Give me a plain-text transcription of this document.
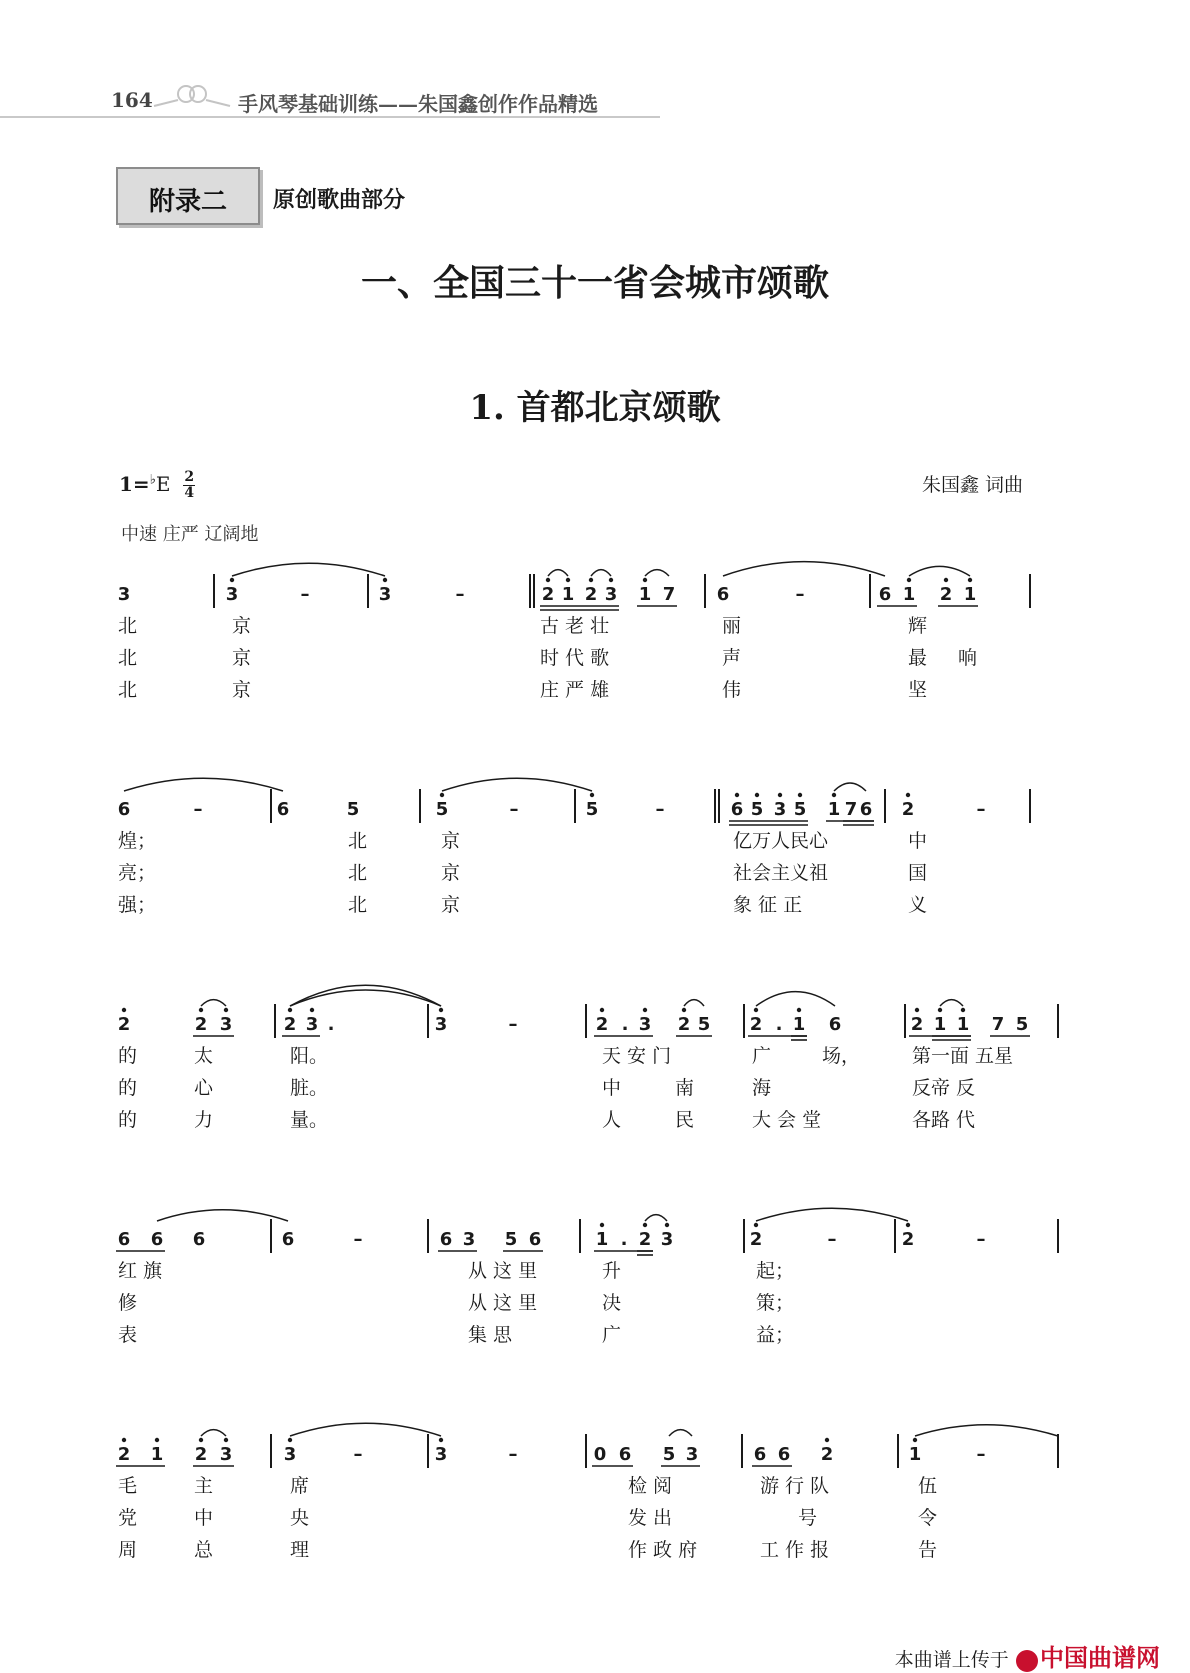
164	手风琴基础训练——朱国鑫创作作品精选
附录二	原创歌曲部分
一、全国三十一省会城市颂歌
1. 首都北京颂歌
$1=^♭E \frac{2}{4}$
中速 庄严 辽阔地
朱国鑫 词曲
3	3	–	3	–	2 1 2 3 1 7 6	–	6 1 2 1
北	京	古 老 壮	丽	辉
北	京	时 代 歌	声	最 响
北	京	庄 严 雄	伟	坚
6	–	6	5	5	–	5	–	6 5 3 5 1 7 6 2	–
煌；	北	京	亿万人民心	中
亮；	北	京	社会主义祖	国
强；	北	京	象 征 正	义
2	2 3	2 3 .	3	–	2 . 3 2 5 2 . 1 6	2 1 1 7 5
的	太	阳。	天 安 门	广	场，	第一面 五星
的	心	脏。	中	南	海	反帝 反
的	力	量。	人	民	大 会 堂	各路 代
6 6 6	6	–	6 3 5 6	1 . 2 3	2	–	2	–
红 旗	从 这 里	升	起；
修	从 这 里	决	策；
表	集 思	广	益；
2 1 2 3	3	–	3	–	0 6 5 3	6 6 2	1	–
毛	主	席	检 阅	游 行 队	伍
党	中	央	发 出	号	令
周	总	理	作 政 府	工 作 报	告
本曲谱上传于 中国曲谱网
